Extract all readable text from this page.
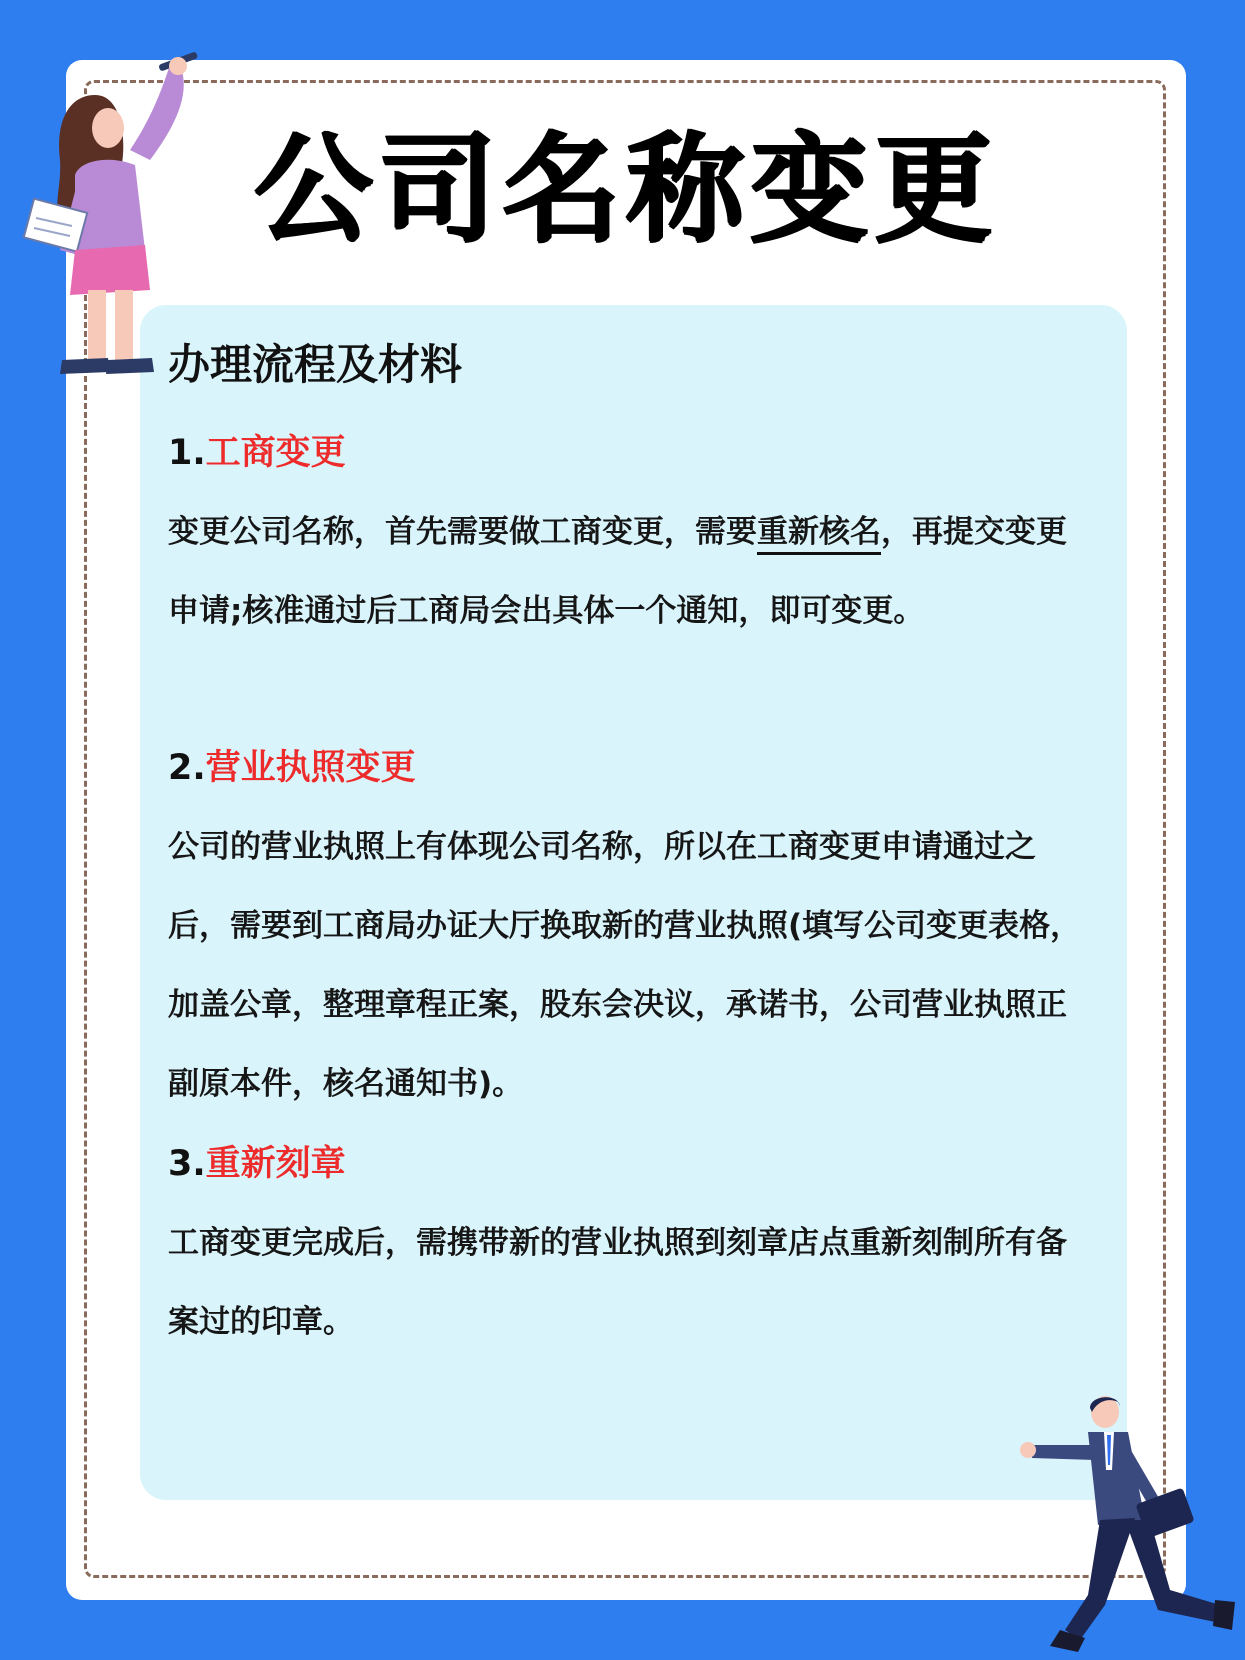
公司名称变更
办理流程及材料
1.工商变更
变更公司名称，首先需要做工商变更，需要重新核名，再提交变更申请;核准通过后工商局会出具体一个通知，即可变更。
2.营业执照变更
公司的营业执照上有体现公司名称，所以在工商变更申请通过之后，需要到工商局办证大厅换取新的营业执照(填写公司变更表格，加盖公章，整理章程正案，股东会决议，承诺书，公司营业执照正副原本件，核名通知书)。
3.重新刻章
工商变更完成后，需携带新的营业执照到刻章店点重新刻制所有备案过的印章。
